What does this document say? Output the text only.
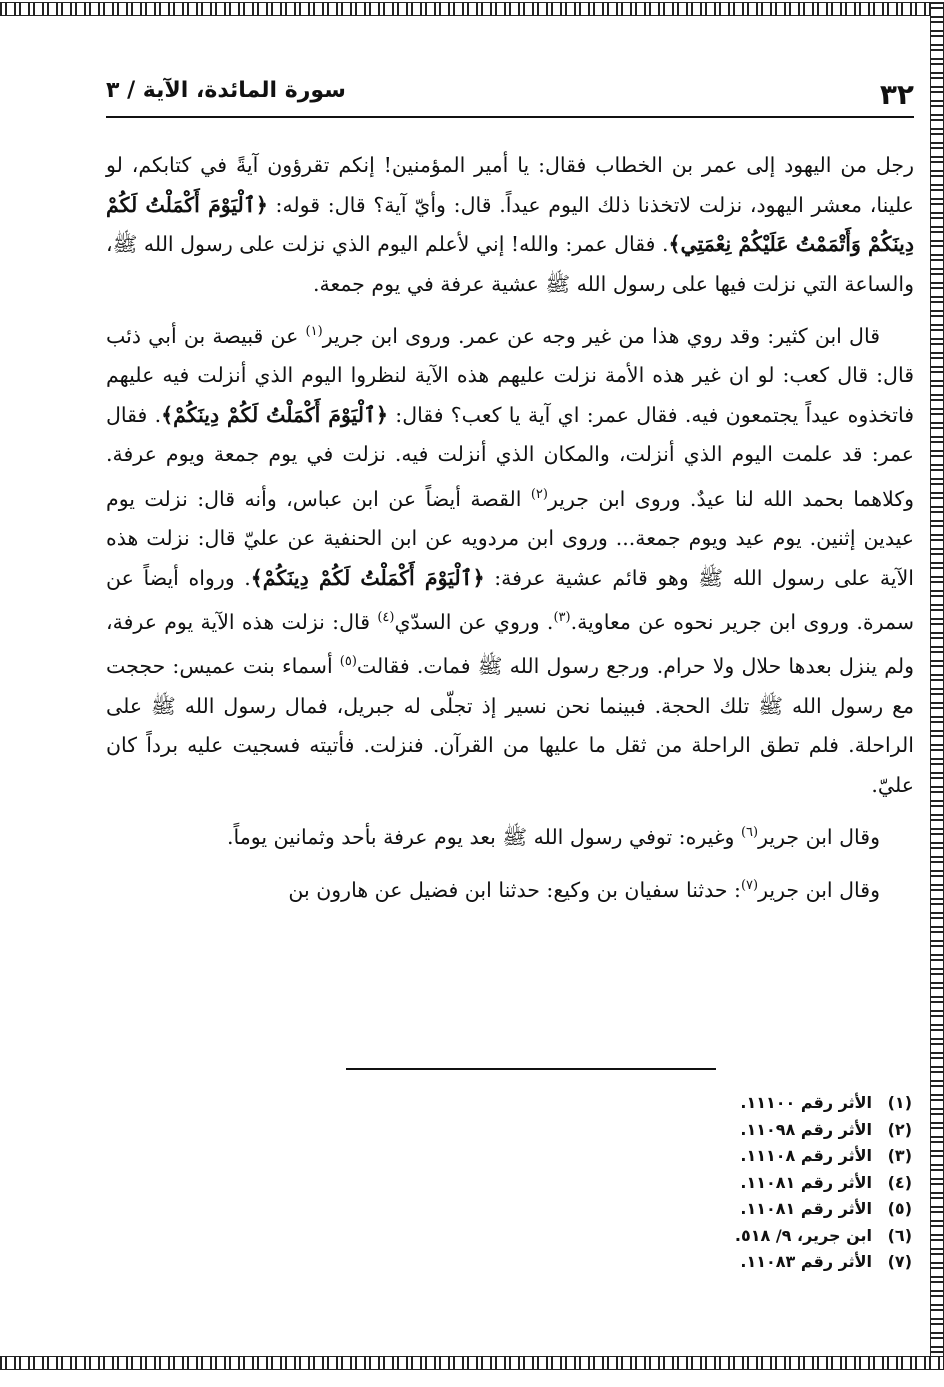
٣٢
سورة المائدة، الآية / ٣

رجل من اليهود إلى عمر بن الخطاب فقال: يا أمير المؤمنين! إنكم تقرؤون آيةً في كتابكم، لو علينا، معشر اليهود، نزلت لاتخذنا ذلك اليوم عيداً. قال: وأيّ آية؟ قال: قوله: ﴿ٱلْيَوْمَ أَكْمَلْتُ لَكُمْ دِينَكُمْ وَأَتْمَمْتُ عَلَيْكُمْ نِعْمَتِي﴾. فقال عمر: والله! إني لأعلم اليوم الذي نزلت على رسول الله ﷺ، والساعة التي نزلت فيها على رسول الله ﷺ عشية عرفة في يوم جمعة.

قال ابن كثير: وقد روي هذا من غير وجه عن عمر. وروى ابن جرير$^{(١)}$ عن قبيصة بن أبي ذئب قال: قال كعب: لو ان غير هذه الأمة نزلت عليهم هذه الآية لنظروا اليوم الذي أنزلت فيه عليهم فاتخذوه عيداً يجتمعون فيه. فقال عمر: اي آية يا كعب؟ فقال: ﴿ٱلْيَوْمَ أَكْمَلْتُ لَكُمْ دِينَكُمْ﴾. فقال عمر: قد علمت اليوم الذي أنزلت، والمكان الذي أنزلت فيه. نزلت في يوم جمعة ويوم عرفة. وكلاهما بحمد الله لنا عيدٌ. وروى ابن جرير$^{(٢)}$ القصة أيضاً عن ابن عباس، وأنه قال: نزلت يوم عيدين إثنين. يوم عيد ويوم جمعة... وروى ابن مردويه عن ابن الحنفية عن عليّ قال: نزلت هذه الآية على رسول الله ﷺ وهو قائم عشية عرفة: ﴿ٱلْيَوْمَ أَكْمَلْتُ لَكُمْ دِينَكُمْ﴾. ورواه أيضاً عن سمرة. وروى ابن جرير نحوه عن معاوية.$^{(٣)}$. وروي عن السدّي$^{(٤)}$ قال: نزلت هذه الآية يوم عرفة، ولم ينزل بعدها حلال ولا حرام. ورجع رسول الله ﷺ فمات. فقالت$^{(٥)}$ أسماء بنت عميس: حججت مع رسول الله ﷺ تلك الحجة. فبينما نحن نسير إذ تجلّى له جبريل، فمال رسول الله ﷺ على الراحلة. فلم تطق الراحلة من ثقل ما عليها من القرآن. فنزلت. فأتيته فسجيت عليه برداً كان عليّ.

وقال ابن جرير$^{(٦)}$ وغيره: توفي رسول الله ﷺ بعد يوم عرفة بأحد وثمانين يوماً.

وقال ابن جرير$^{(٧)}$: حدثنا سفيان بن وكيع: حدثنا ابن فضيل عن هارون بن

(١)الأثر رقم ١١١٠٠.
(٢)الأثر رقم ١١٠٩٨.
(٣)الأثر رقم ١١١٠٨.
(٤)الأثر رقم ١١٠٨١.
(٥)الأثر رقم ١١٠٨١.
(٦)ابن جرير، ٩/ ٥١٨.
(٧)الأثر رقم ١١٠٨٣.
